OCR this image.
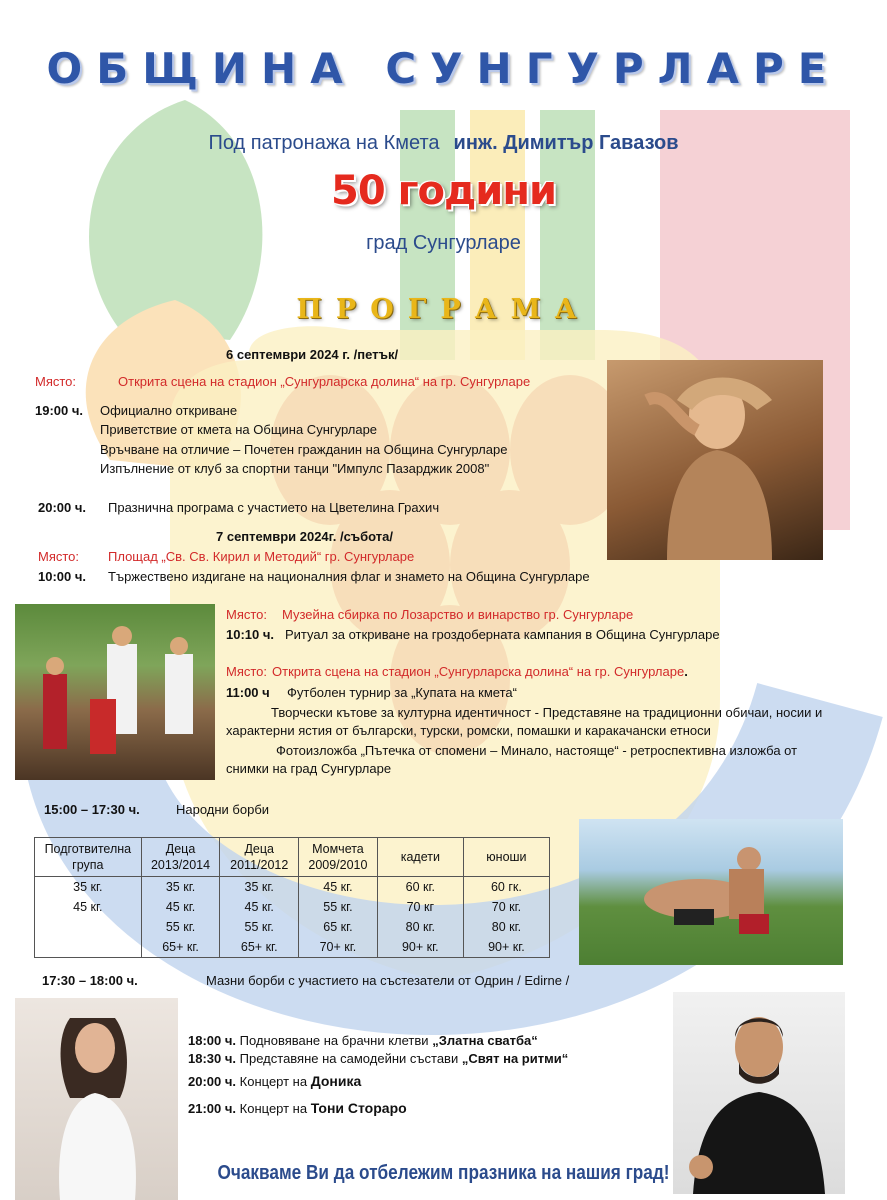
ОБЩИНА СУНГУРЛАРЕ
Под патронажа на Кмета инж. Димитър Гавазов
50 години
град Сунгурларе
ПРОГРАМА
6 септември 2024 г. /петък/
Място:	Открита сцена на стадион „Сунгурларска долина“ на гр. Сунгурларе
19:00 ч. Официално откриване
Приветствие от кмета на Община Сунгурларе
Връчване на отличие – Почетен гражданин на Община Сунгурларе
Изпълнение от клуб за спортни танци "Импулс Пазарджик 2008"
20:00 ч. Празнична програма с участието на Цветелина Грахич
7 септември 2024г. /събота/
Място: Площад „Св. Св. Кирил и Методий“ гр. Сунгурларе
10:00 ч. Тържествено издигане на националния флаг и знамето на Община Сунгурларе
Място: Музейна сбирка по Лозарство и винарство гр. Сунгурларе
10:10 ч. Ритуал за откриване на гроздоберната кампания в Община Сунгурларе
Място: Открита сцена на стадион „Сунгурларска долина“ на гр. Сунгурларе.
11:00 ч Футболен турнир за „Купата на кмета“
Творчески кътове за културна идентичност - Представяне на традиционни обичаи, носии и характерни ястия от български, турски, ромски, помашки и каракачански етноси
Фотоизложба „Пътечка от спомени – Минало, настояще“ - ретроспективна изложба от снимки на град Сунгурларе
15:00 – 17:30 ч.	Народни борби
Подготвителна група	Деца 2013/2014	Деца 2011/2012	Момчета 2009/2010	кадети	юноши
35 кг.	35 кг.	35 кг.	45 кг.	60 кг.	60 гк.
45 кг.	45 кг.	45 кг.	55 кг.	70 кг	70 кг.
	55 кг.	55 кг.	65 кг.	80 кг.	80 кг.
	65+ кг.	65+ кг.	70+ кг.	90+ кг.	90+ кг.
17:30 – 18:00 ч.	Мазни борби с участието на състезатели от Одрин / Edirne /
18:00 ч. Подновяване на брачни клетви „Златна сватба“
18:30 ч. Представяне на самодейни състави „Свят на ритми“
20:00 ч. Концерт на Доника
21:00 ч. Концерт на Тони Стораро
Очакваме Ви да отбележим празника на нашия град!
